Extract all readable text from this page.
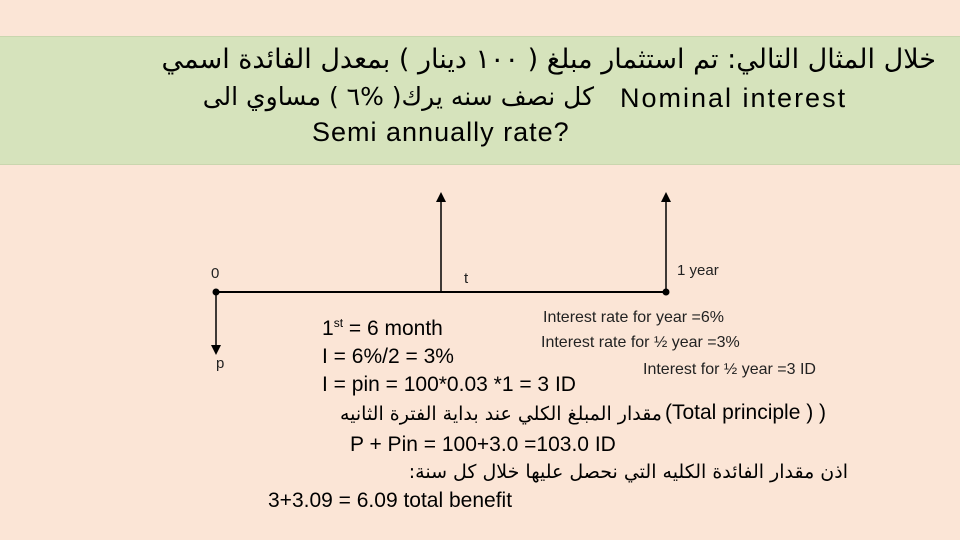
خلال المثال التالي: تم استثمار مبلغ ( ١٠٠ دينار ) بمعدل الفائدة اسمي
كل نصف سنه يرك( %٦ ) مساوي الى Nominal interest
Semi annually rate?
0	t	1 year
p
Interest rate for year =6%
Interest rate for ½ year =3%
Interest for ½ year =3 ID
1st = 6 month
I = 6%/2 = 3%
I = pin = 100*0.03 *1 = 3 ID
مقدار المبلغ الكلي عند بداية الفترة الثانيه (Total principle ) )
P + Pin = 100+3.0 =103.0 ID
اذن مقدار الفائدة الكليه التي نحصل عليها خلال كل سنة:
3+3.09 = 6.09 total benefit
